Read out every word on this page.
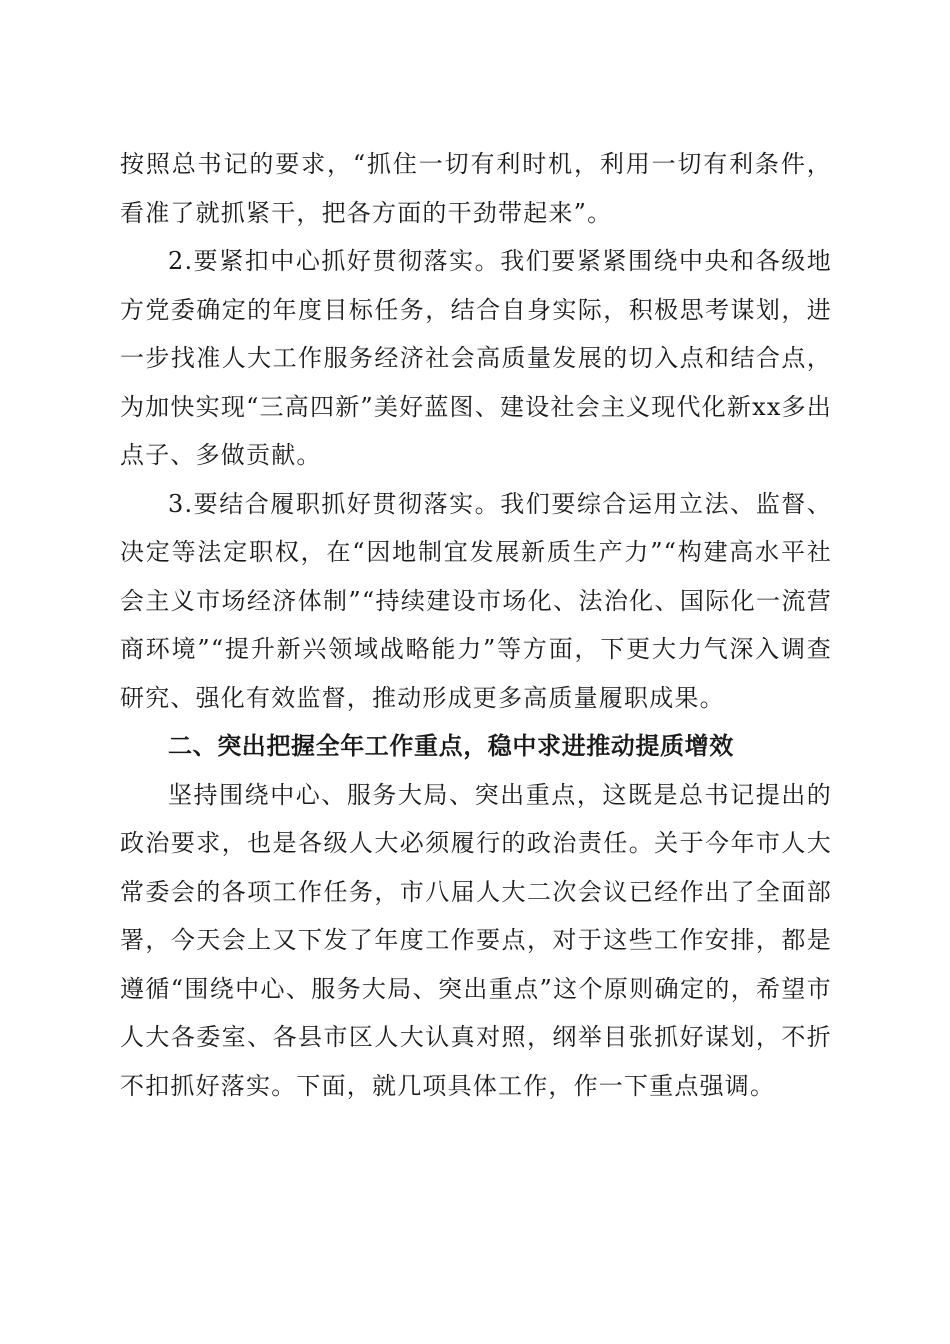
按照总书记的要求，“抓住一切有利时机，利用一切有利条件，看准了就抓紧干，把各方面的干劲带起来”。

2.要紧扣中心抓好贯彻落实。我们要紧紧围绕中央和各级地方党委确定的年度目标任务，结合自身实际，积极思考谋划，进一步找准人大工作服务经济社会高质量发展的切入点和结合点，为加快实现“三高四新”美好蓝图、建设社会主义现代化新xx多出点子、多做贡献。

3.要结合履职抓好贯彻落实。我们要综合运用立法、监督、决定等法定职权，在“因地制宜发展新质生产力”“构建高水平社会主义市场经济体制”“持续建设市场化、法治化、国际化一流营商环境”“提升新兴领域战略能力”等方面，下更大力气深入调查研究、强化有效监督，推动形成更多高质量履职成果。

二、突出把握全年工作重点，稳中求进推动提质增效

坚持围绕中心、服务大局、突出重点，这既是总书记提出的政治要求，也是各级人大必须履行的政治责任。关于今年市人大常委会的各项工作任务，市八届人大二次会议已经作出了全面部署，今天会上又下发了年度工作要点，对于这些工作安排，都是遵循“围绕中心、服务大局、突出重点”这个原则确定的，希望市人大各委室、各县市区人大认真对照，纲举目张抓好谋划，不折不扣抓好落实。下面，就几项具体工作，作一下重点强调。
